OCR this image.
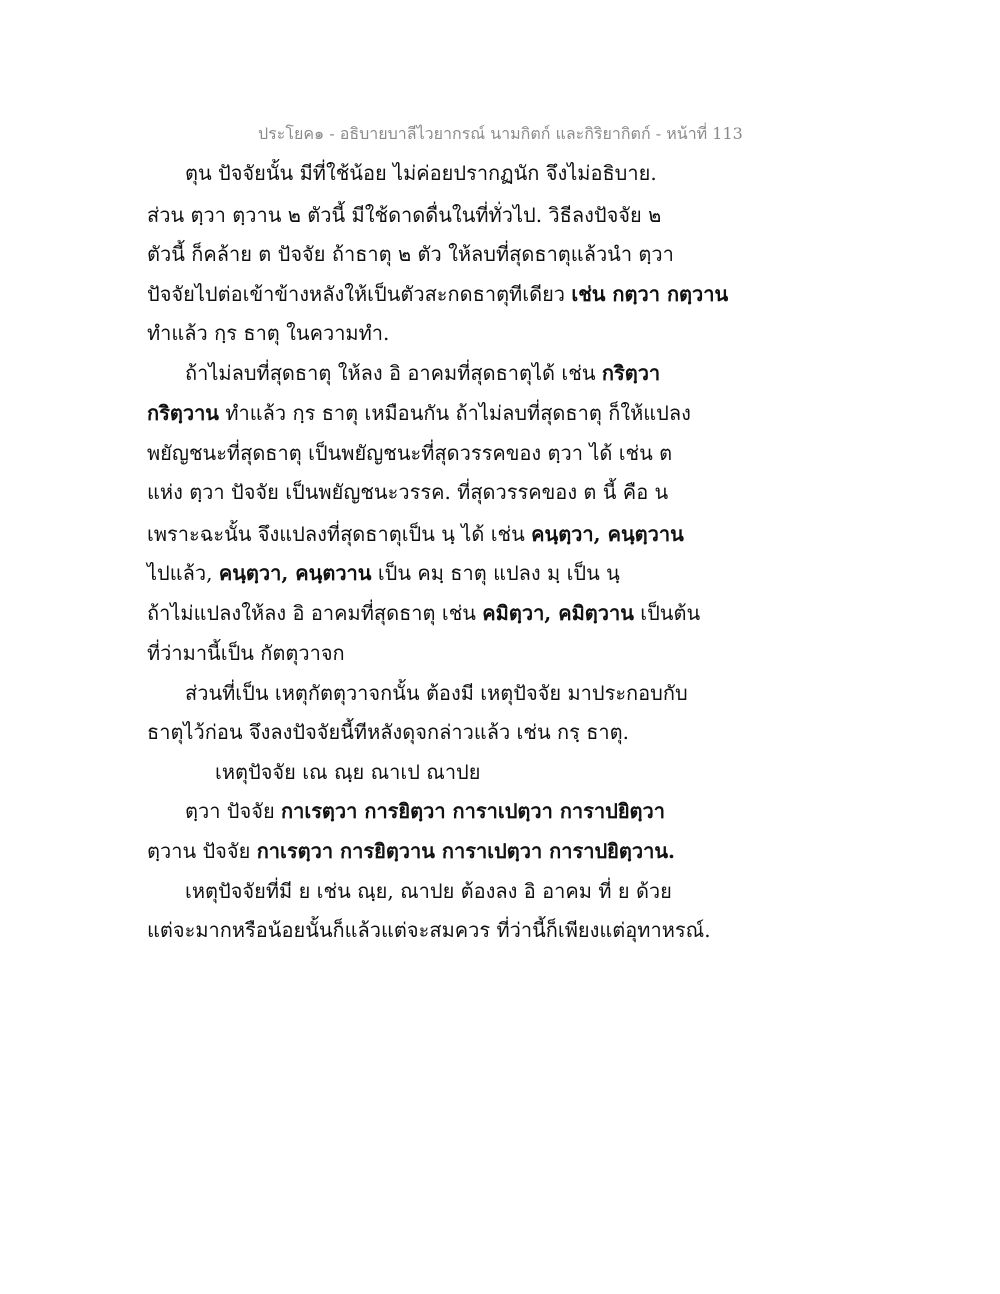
ประโยค๑ - อธิบายบาลีไวยากรณ์ นามกิตก์ และกิริยากิตก์ - หน้าที่ 113
ตุน ปัจจัยนั้น มีที่ใช้น้อย ไม่ค่อยปรากฏนัก จึงไม่อธิบาย.
ส่วน ตฺวา ตฺวาน ๒ ตัวนี้ มีใช้ดาดดื่นในที่ทั่วไป. วิธีลงปัจจัย ๒
ตัวนี้ ก็คล้าย ต ปัจจัย ถ้าธาตุ ๒ ตัว ให้ลบที่สุดธาตุแล้วนำ ตฺวา
ปัจจัยไปต่อเข้าข้างหลังให้เป็นตัวสะกดธาตุทีเดียว เช่น กตฺวา กตฺวาน
ทำแล้ว กฺร ธาตุ ในความทำ.
ถ้าไม่ลบที่สุดธาตุ ให้ลง อิ อาคมที่สุดธาตุได้ เช่น กริตฺวา
กริตฺวาน ทำแล้ว กฺร ธาตุ เหมือนกัน ถ้าไม่ลบที่สุดธาตุ ก็ให้แปลง
พยัญชนะที่สุดธาตุ เป็นพยัญชนะที่สุดวรรคของ ตฺวา ได้ เช่น ต
แห่ง ตฺวา ปัจจัย เป็นพยัญชนะวรรค. ที่สุดวรรคของ ต นี้ คือ น
เพราะฉะนั้น จึงแปลงที่สุดธาตุเป็น นฺ ได้ เช่น คนฺตฺวา, คนฺตฺวาน
ไปแล้ว, คนฺตฺวา, คนฺตวาน เป็น คมฺ ธาตุ แปลง มฺ เป็น นฺ
ถ้าไม่แปลงให้ลง อิ อาคมที่สุดธาตุ เช่น คมิตฺวา, คมิตฺวาน เป็นต้น
ที่ว่ามานี้เป็น กัตตุวาจก
ส่วนที่เป็น เหตุกัตตุวาจกนั้น ต้องมี เหตุปัจจัย มาประกอบกับ
ธาตุไว้ก่อน จึงลงปัจจัยนี้ทีหลังดุจกล่าวแล้ว เช่น กรฺ ธาตุ.
เหตุปัจจัย เณ ณฺย ณาเป ณาปย
ตฺวา ปัจจัย กาเรตฺวา การยิตฺวา การาเปตฺวา การาปยิตฺวา
ตฺวาน ปัจจัย กาเรตฺวา การยิตฺวาน การาเปตฺวา การาปยิตฺวาน.
เหตุปัจจัยที่มี ย เช่น ณฺย, ณาปย ต้องลง อิ อาคม ที่ ย ด้วย
แต่จะมากหรือน้อยนั้นก็แล้วแต่จะสมควร ที่ว่านี้ก็เพียงแต่อุทาหรณ์.
